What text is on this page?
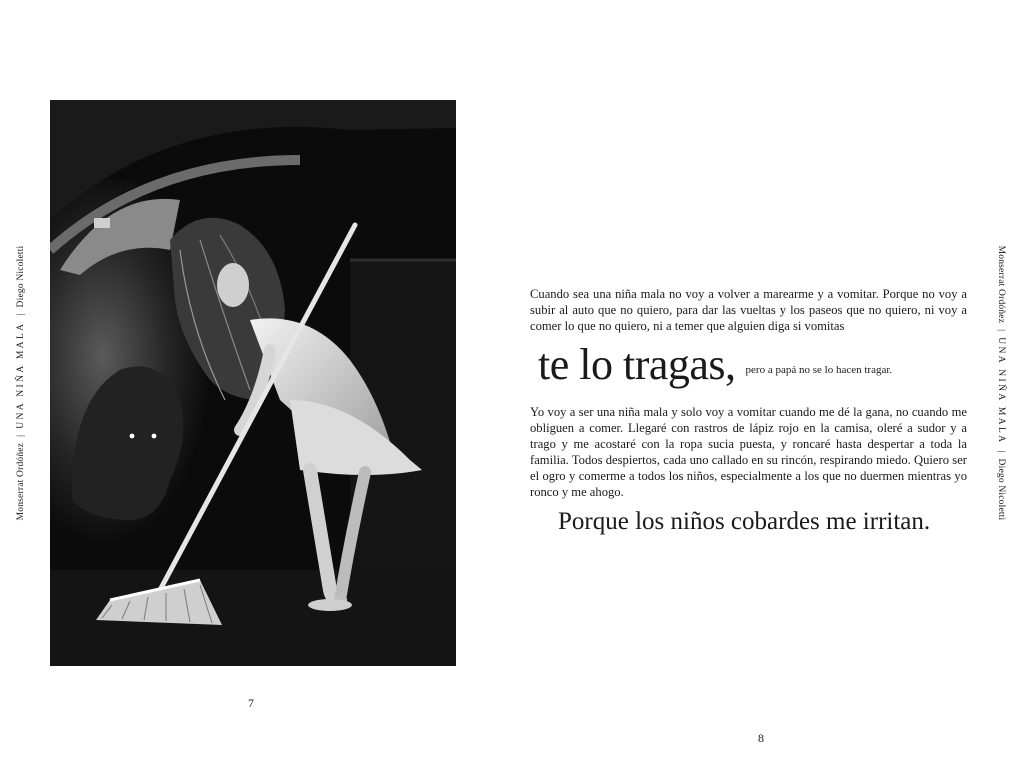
Monserrat Ordóñez|UNA NIÑA MALA|Diego Nicoletti
7

Cuando sea una niña mala no voy a volver a marearme y a vomitar. Porque no voy a subir al auto que no quiero, para dar las vueltas y los paseos que no quiero, ni voy a comer lo que no quiero, ni a temer que alguien diga si vomitas

te lo tragas, $^{pero a papá no se lo hacen tragar.}$

Yo voy a ser una niña mala y solo voy a vomitar cuando me dé la gana, no cuando me obliguen a comer. Llegaré con rastros de lápiz rojo en la camisa, oleré a sudor y a trago y me acostaré con la ropa sucia puesta, y roncaré hasta despertar a toda la familia. Todos despiertos, cada uno callado en su rincón, respirando miedo. Quiero ser el ogro y comerme a todos los niños, especialmente a los que no duermen mientras yo ronco y me ahogo.

Porque los niños cobardes me irritan.

8
Monserrat Ordóñez|UNA NIÑA MALA|Diego Nicoletti
